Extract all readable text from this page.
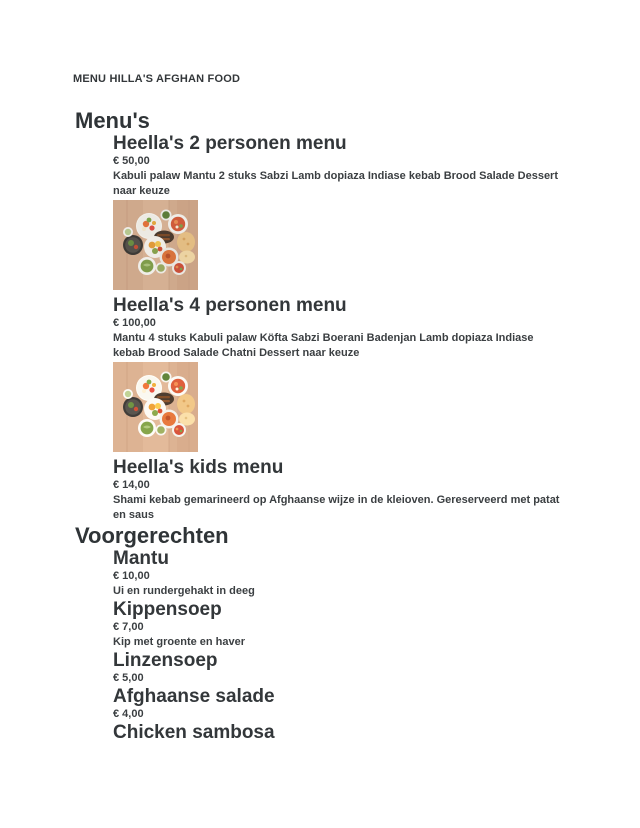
MENU HILLA'S AFGHAN FOOD
Menu's
Heella's 2 personen menu
€ 50,00
Kabuli palaw Mantu 2 stuks Sabzi Lamb dopiaza Indiase kebab Brood Salade Dessert
naar keuze
Heella's 4 personen menu
€ 100,00
Mantu 4 stuks Kabuli palaw Köfta Sabzi Boerani Badenjan Lamb dopiaza Indiase
kebab Brood Salade Chatni Dessert naar keuze
Heella's kids menu
€ 14,00
Shami kebab gemarineerd op Afghaanse wijze in de kleioven. Gereserveerd met patat
en saus
Voorgerechten
Mantu
€ 10,00
Ui en rundergehakt in deeg
Kippensoep
€ 7,00
Kip met groente en haver
Linzensoep
€ 5,00
Afghaanse salade
€ 4,00
Chicken sambosa
